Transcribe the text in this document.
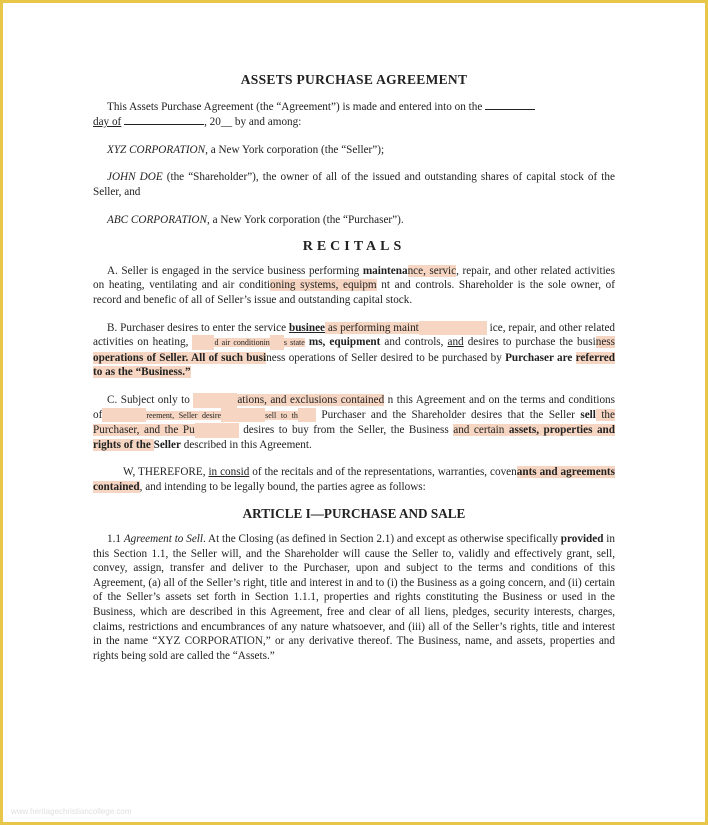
ASSETS PURCHASE AGREEMENT

This Assets Purchase Agreement (the “Agreement”) is made and entered into on the
day of	, 20__ by and among:

XYZ CORPORATION, a New York corporation (the “Seller”);

JOHN DOE (the “Shareholder”), the owner of all of the issued and outstanding shares of capital stock of the Seller, and

ABC CORPORATION, a New York corporation (the “Purchaser”).

RECITALS

A. Seller is engaged in the service business performing maintenance, servic, repair, and other related activities on heating, ventilating and air conditioning systems, equipm nt and controls. Shareholder is the sole owner, of record and benefic of all of Seller’s issue and outstanding capital stock.

B. Purchaser desires to enter the service businee as performing maint	ice, repair, and other related activities on heating,	d air conditionin s state ms, equipment and controls, and desires to purchase the business operations of Seller. All of such business operations of Seller desired to be purchased by Purchaser are referred to as the “Business.”

C. Subject only to	ations, and exclusions contained n this Agreement and on the terms and conditions of	reement, Seller desire	sell to th  Purchaser and the Shareholder desires that the Seller sell the Purchaser, and the Pu	desires to buy from the Seller, the Business and certain assets, properties and rights of the Seller described in this Agreement.

W, THEREFORE, in consid of the recitals and of the representations, warranties, covenants and agreements contained, and intending to be legally bound, the parties agree as follows:

ARTICLE I—PURCHASE AND SALE

1.1 Agreement to Sell. At the Closing (as defined in Section 2.1) and except as otherwise specifically provided in this Section 1.1, the Seller will, and the Shareholder will cause the Seller to, validly and effectively grant, sell, convey, assign, transfer and deliver to the Purchaser, upon and subject to the terms and conditions of this Agreement, (a) all of the Seller’s right, title and interest in and to (i) the Business as a going concern, and (ii) certain of the Seller’s assets set forth in Section 1.1.1, properties and rights constituting the Business or used in the Business, which are described in this Agreement, free and clear of all liens, pledges, security interests, charges, claims, restrictions and encumbrances of any nature whatsoever, and (iii) all of the Seller’s rights, title and interest in the name “XYZ CORPORATION,” or any derivative thereof. The Business, name, and assets, properties and rights being sold are called the “Assets.”

www.heritagechristiancollege.com
